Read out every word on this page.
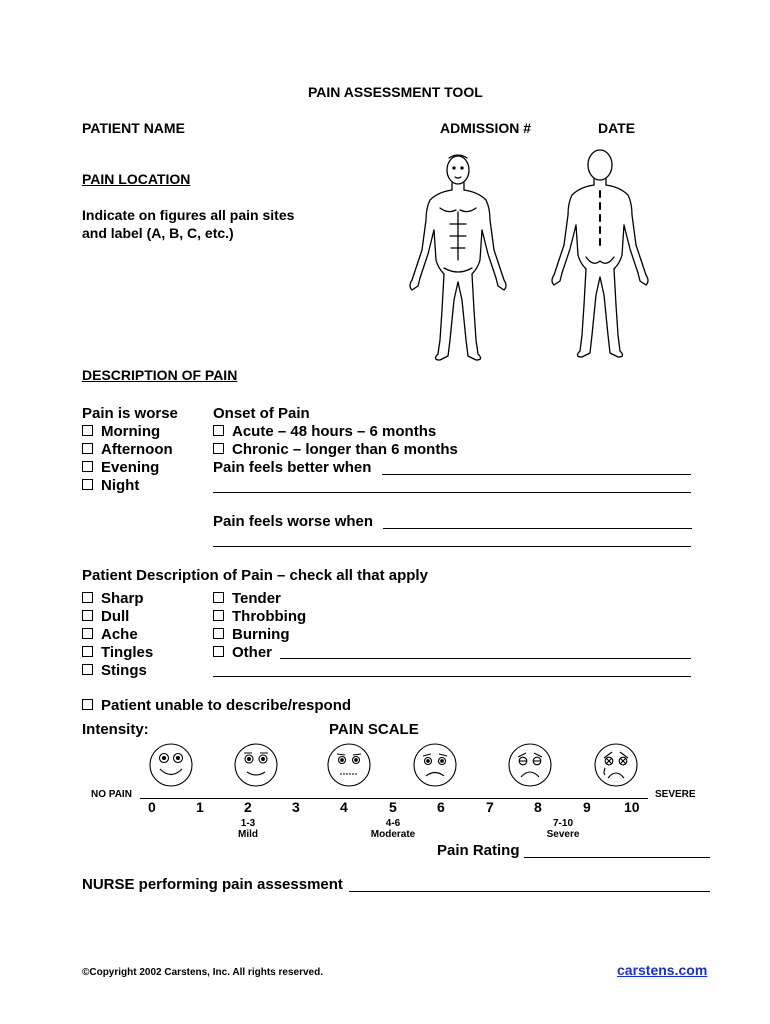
PAIN ASSESSMENT TOOL
PATIENT NAME	ADMISSION #	DATE
PAIN LOCATION
Indicate on figures all pain sites
and label (A, B, C, etc.)
DESCRIPTION OF PAIN
Pain is worse
Morning
Afternoon
Evening
Night
Onset of Pain
Acute – 48 hours – 6 months
Chronic – longer than 6 months
Pain feels better when
Pain feels worse when
Patient Description of Pain – check all that apply
Sharp
Dull
Ache
Tingles
Stings
Tender
Throbbing
Burning
Other
Patient unable to describe/respond
Intensity:	PAIN SCALE
NO PAIN	SEVERE
0	1	2	3	4	5	6	7	8	9 10
1-3
Mild
4-6
Moderate
7-10
Severe
Pain Rating
NURSE performing pain assessment
©Copyright 2002 Carstens, Inc. All rights reserved.	carstens.com
